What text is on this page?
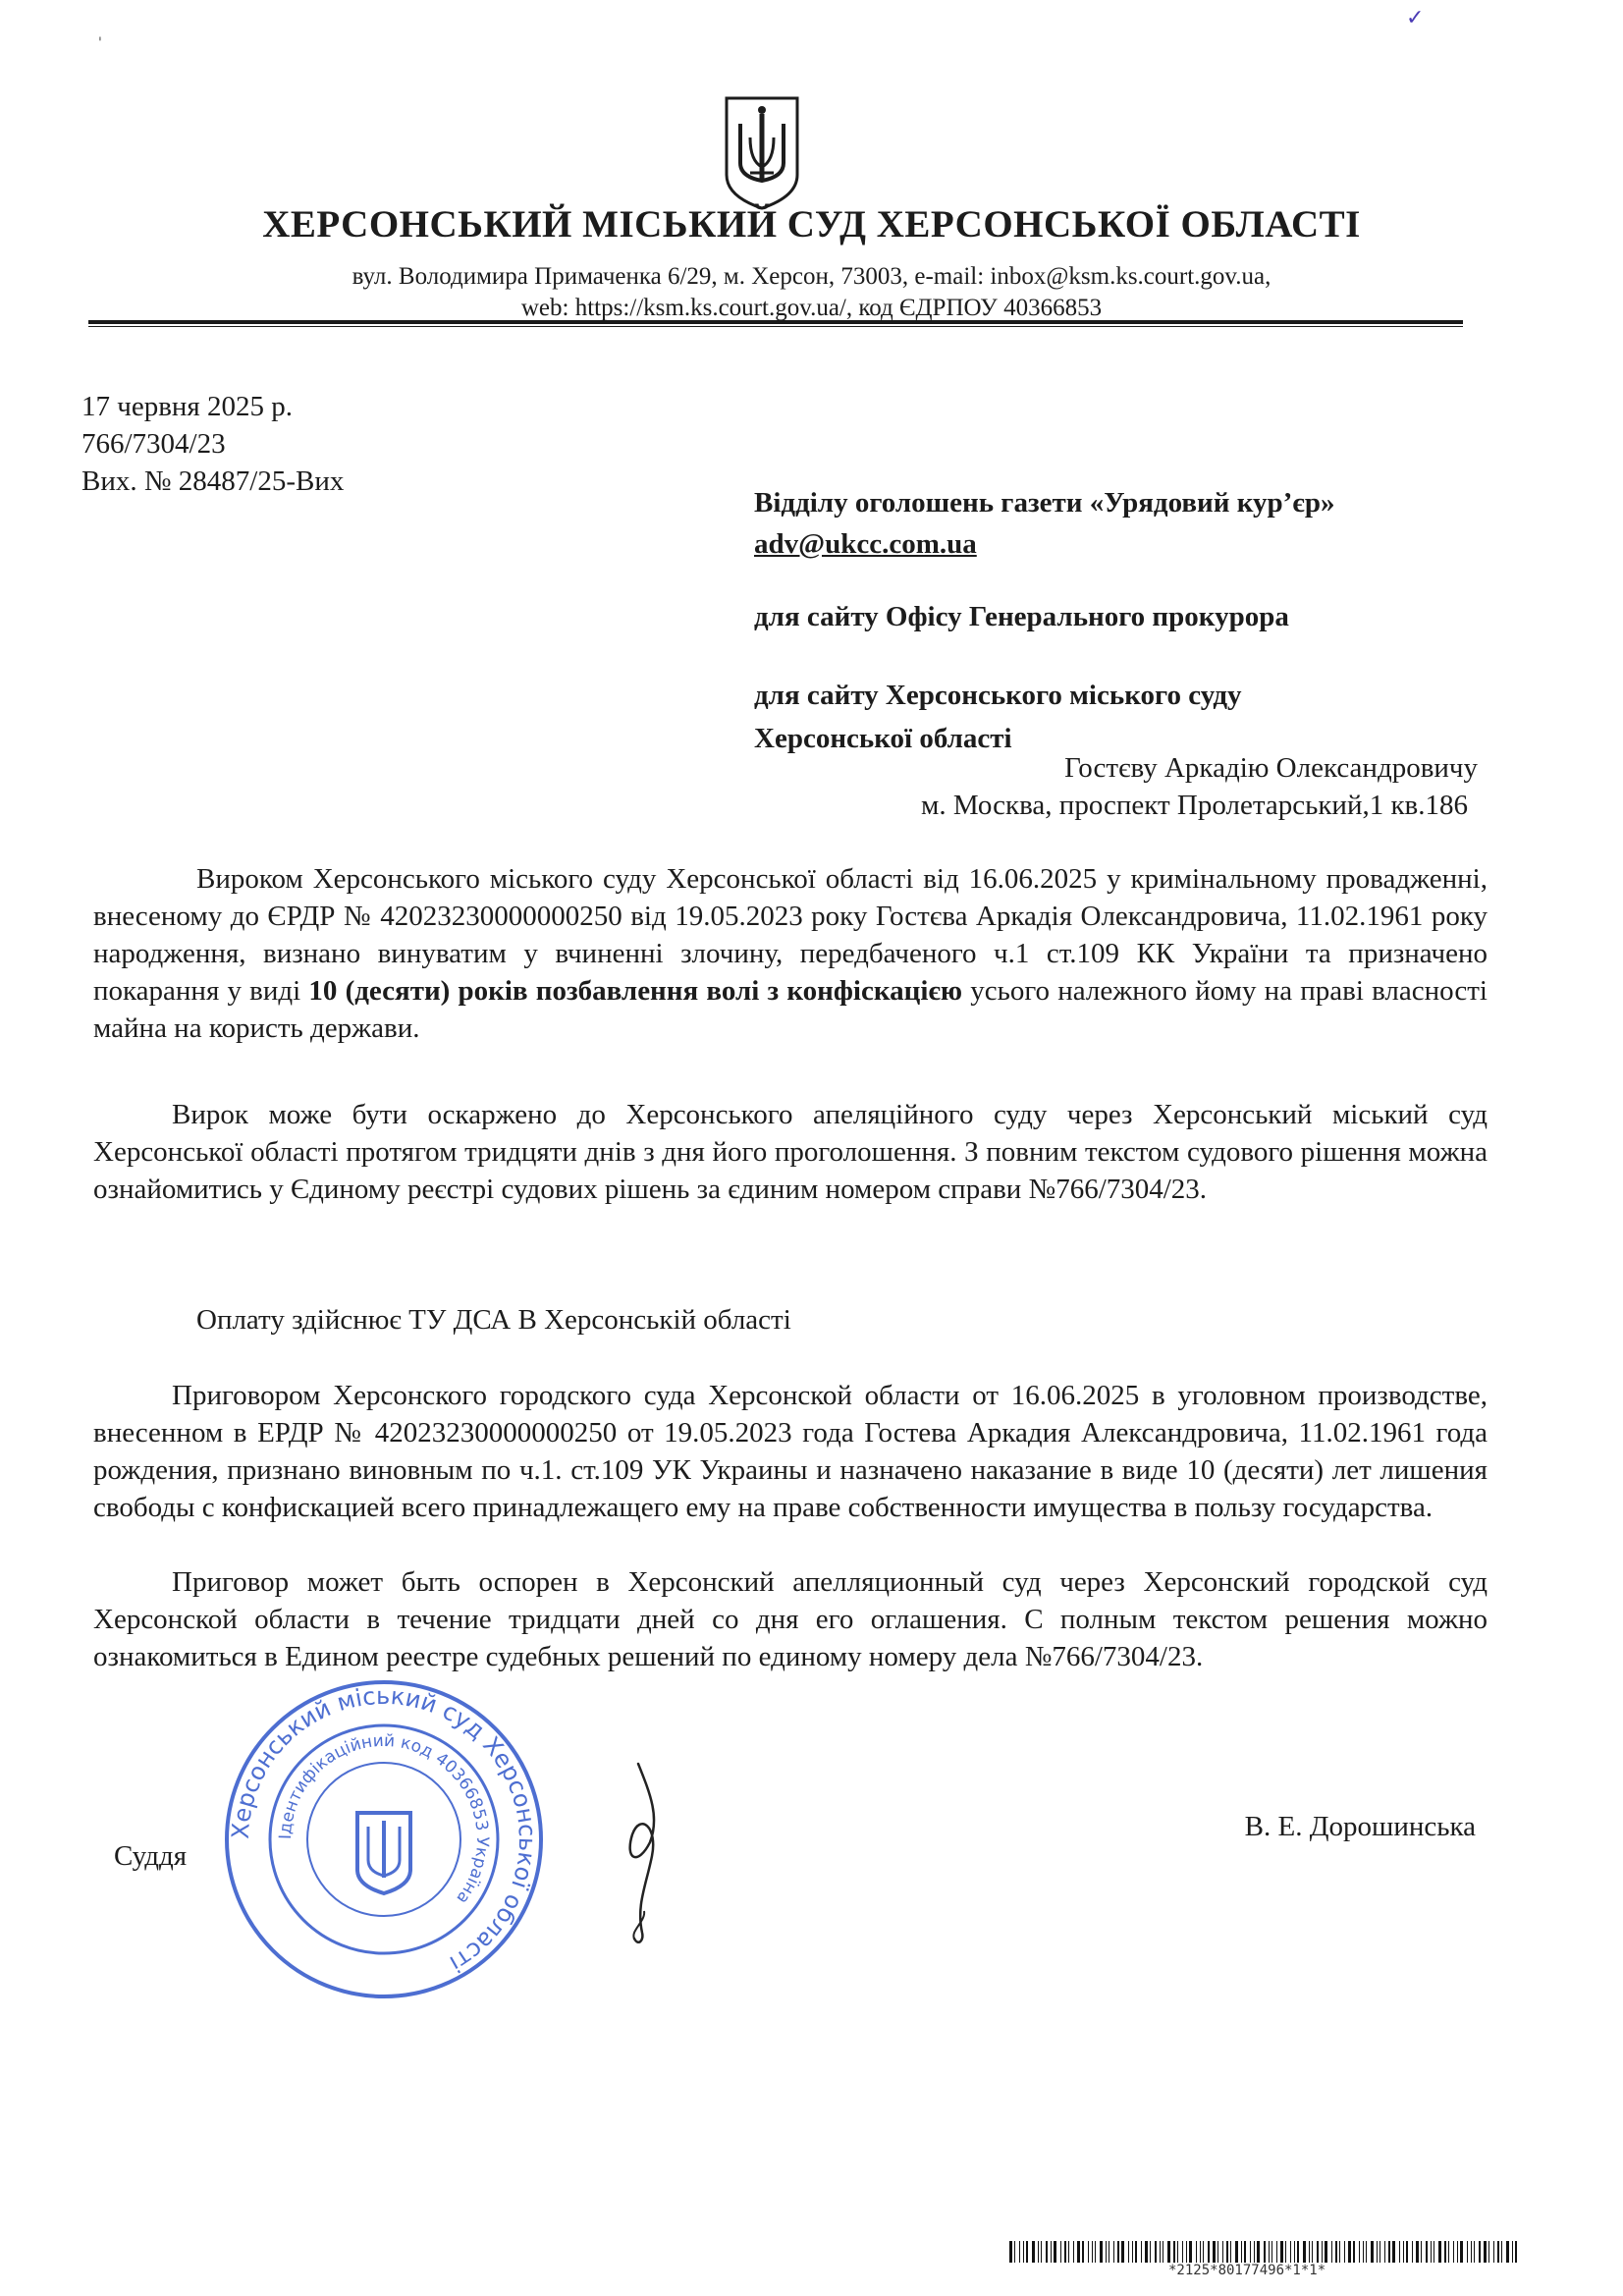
✓
'
ХЕРСОНСЬКИЙ МІСЬКИЙ СУД ХЕРСОНСЬКОЇ ОБЛАСТІ
вул. Володимира Примаченка 6/29, м. Херсон, 73003, e-mail: inbox@ksm.ks.court.gov.ua,
web: https://ksm.ks.court.gov.ua/, код ЄДРПОУ 40366853
17 червня 2025 р.
766/7304/23
Вих. № 28487/25-Вих
Відділу оголошень газети «Урядовий кур’єр»
adv@ukcc.com.ua
для сайту Офісу Генерального прокурора
для сайту Херсонського міського суду
Херсонської області
Гостєву Аркадію Олександровичу
м. Москва, проспект Пролетарський,1 кв.186
Вироком Херсонського міського суду Херсонської області від 16.06.2025 у кримінальному провадженні, внесеному до ЄРДР № 42023230000000250 від 19.05.2023 року Гостєва Аркадія Олександровича, 11.02.1961 року народження, визнано винуватим у вчиненні злочину, передбаченого ч.1 ст.109 КК України та призначено покарання у виді 10 (десяти) років позбавлення волі з конфіскацією усього належного йому на праві власності майна на користь держави.
Вирок може бути оскаржено до Херсонського апеляційного суду через Херсонський міський суд Херсонської області протягом тридцяти днів з дня його проголошення. З повним текстом судового рішення можна ознайомитись у Єдиному реєстрі судових рішень за єдиним номером справи №766/7304/23.
Оплату здійснює ТУ ДСА В Херсонській області
Приговором Херсонского городского суда Херсонской области от 16.06.2025 в уголовном производстве, внесенном в ЕРДР № 42023230000000250 от 19.05.2023 года Гостева Аркадия Александровича, 11.02.1961 года рождения, признано виновным по ч.1. ст.109 УК Украины и назначено наказание в виде 10 (десяти) лет лишения свободы с конфискацией всего принадлежащего ему на праве собственности имущества в пользу государства.
Приговор может быть оспорен в Херсонский апелляционный суд через Херсонский городской суд Херсонской области в течение тридцати дней со дня его оглашения. С полным текстом решения можно ознакомиться в Едином реестре судебных решений по единому номеру дела №766/7304/23.
Суддя
В. Е. Дорошинська
Херсонський міський суд Херсонської області
Ідентифікаційний код 40366853 Україна
*2125*80177496*1*1*
